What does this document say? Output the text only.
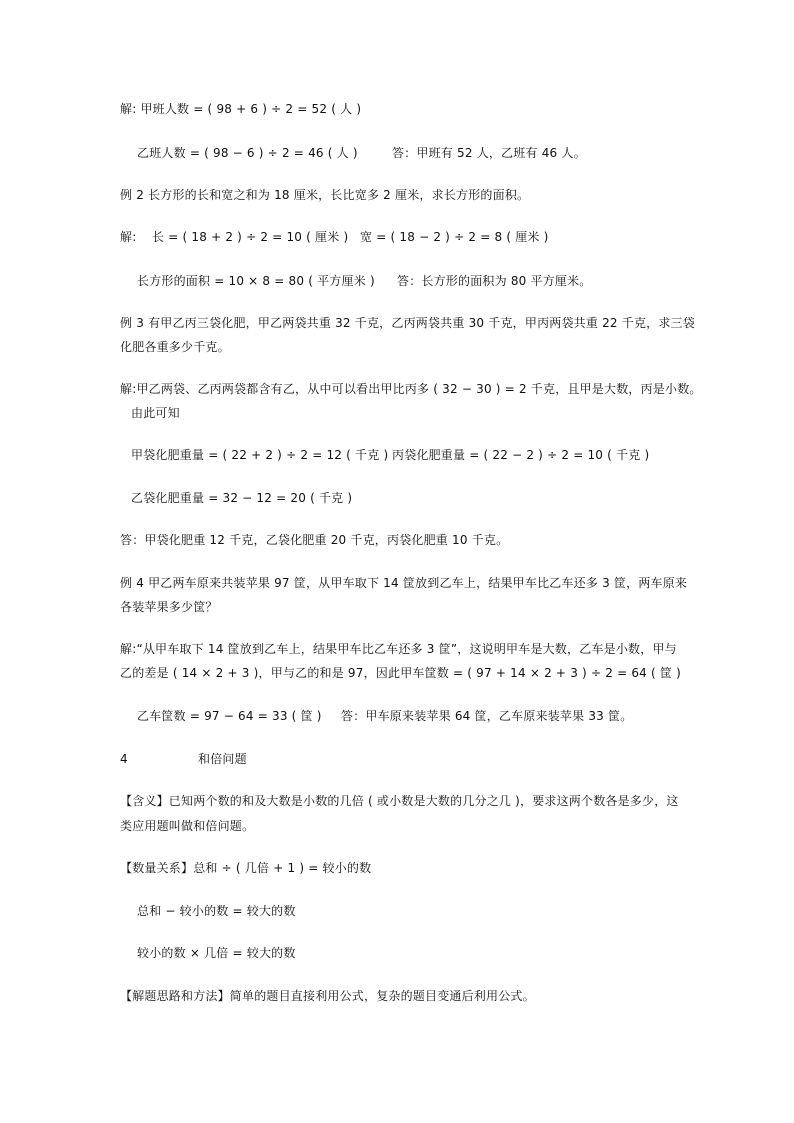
解: 甲班人数 = ( 98 + 6 ) ÷ 2 = 52 ( 人 )
乙班人数 = ( 98 − 6 ) ÷ 2 = 46 ( 人 )	答：甲班有 52 人，乙班有 46 人。
例 2 长方形的长和宽之和为 18 厘米，长比宽多 2 厘米，求长方形的面积。
解: 长 = ( 18 + 2 ) ÷ 2 = 10 ( 厘米 ) 宽 = ( 18 − 2 ) ÷ 2 = 8 ( 厘米 )
长方形的面积 = 10 × 8 = 80 ( 平方厘米 ) 答：长方形的面积为 80 平方厘米。
例 3 有甲乙丙三袋化肥，甲乙两袋共重 32 千克，乙丙两袋共重 30 千克，甲丙两袋共重 22 千克，求三袋
化肥各重多少千克。
解:甲乙两袋、乙丙两袋都含有乙，从中可以看出甲比丙多 ( 32 − 30 ) = 2 千克，且甲是大数，丙是小数。
由此可知
甲袋化肥重量 = ( 22 + 2 ) ÷ 2 = 12 ( 千克 ) 丙袋化肥重量 = ( 22 − 2 ) ÷ 2 = 10 ( 千克 )
乙袋化肥重量 = 32 − 12 = 20 ( 千克 )
答：甲袋化肥重 12 千克，乙袋化肥重 20 千克，丙袋化肥重 10 千克。
例 4 甲乙两车原来共装苹果 97 筐，从甲车取下 14 筐放到乙车上，结果甲车比乙车还多 3 筐，两车原来
各装苹果多少筐？
解:“从甲车取下 14 筐放到乙车上，结果甲车比乙车还多 3 筐”，这说明甲车是大数，乙车是小数，甲与
乙的差是 ( 14 × 2 + 3 )，甲与乙的和是 97，因此甲车筐数 = ( 97 + 14 × 2 + 3 ) ÷ 2 = 64 ( 筐 )
乙车筐数 = 97 − 64 = 33 ( 筐 ) 答：甲车原来装苹果 64 筐，乙车原来装苹果 33 筐。
4	和倍问题
【含义】已知两个数的和及大数是小数的几倍 ( 或小数是大数的几分之几 )，要求这两个数各是多少，这
类应用题叫做和倍问题。
【数量关系】总和 ÷ ( 几倍 + 1 ) = 较小的数
总和 − 较小的数 = 较大的数
较小的数 × 几倍 = 较大的数
【解题思路和方法】简单的题目直接利用公式，复杂的题目变通后利用公式。
